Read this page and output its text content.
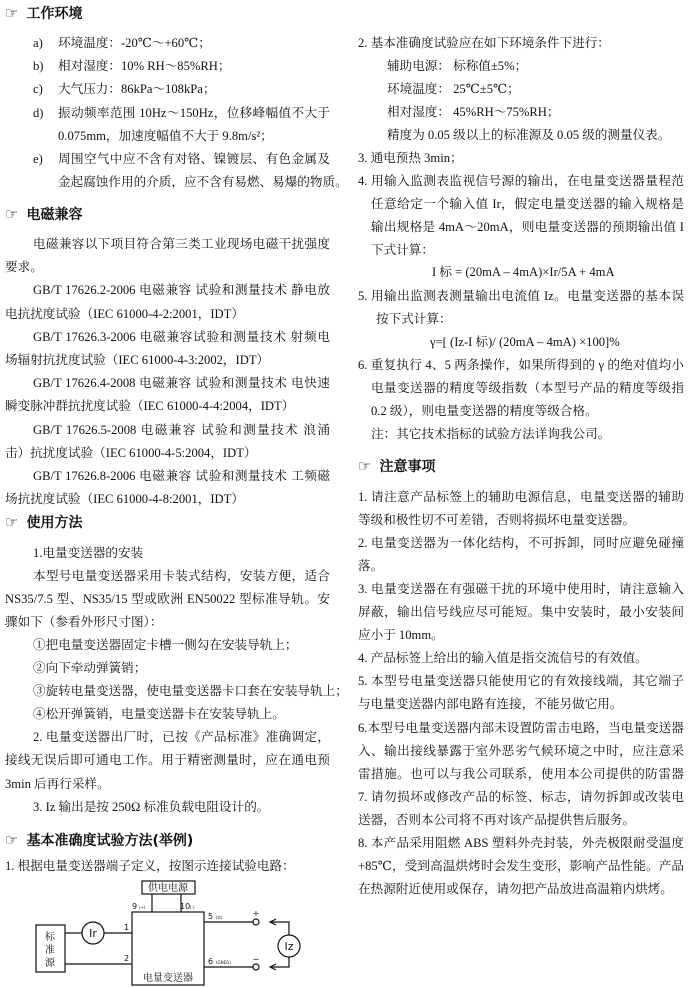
☞ 工作环境
a) 环境温度：-20℃～+60℃；
b) 相对湿度：10% RH～85%RH；
c) 大气压力：86kPa～108kPa；
d) 振动频率范围 10Hz～150Hz，位移峰幅值不大于
0.075mm，加速度幅值不大于 9.8m/s²；
e) 周围空气中应不含有对铬、镍镀层、有色金属及
金起腐蚀作用的介质，应不含有易燃、易爆的物质。
☞ 电磁兼容
电磁兼容以下项目符合第三类工业现场电磁干扰强度
要求。
GB/T 17626.2-2006 电磁兼容 试验和测量技术 静电放
电抗扰度试验（IEC 61000-4-2:2001，IDT）
GB/T 17626.3-2006 电磁兼容试验和测量技术 射频电
场辐射抗扰度试验（IEC 61000-4-3:2002，IDT）
GB/T 17626.4-2008 电磁兼容 试验和测量技术 电快速
瞬变脉冲群抗扰度试验（IEC 61000-4-4:2004，IDT）
GB/T 17626.5-2008 电磁兼容 试验和测量技术 浪涌
击）抗扰度试验（IEC 61000-4-5:2004，IDT）
GB/T 17626.8-2006 电磁兼容 试验和测量技术 工频磁
场抗扰度试验（IEC 61000-4-8:2001，IDT）
☞ 使用方法
1.电量变送器的安装
本型号电量变送器采用卡装式结构，安装方便，适合
NS35/7.5 型、NS35/15 型或欧洲 EN50022 型标准导轨。安
骤如下（参看外形尺寸图）：
①把电量变送器固定卡槽一侧勾在安装导轨上；
②向下牵动弹簧销；
③旋转电量变送器，使电量变送器卡口套在安装导轨上；
④松开弹簧销，电量变送器卡在安装导轨上。
2. 电量变送器出厂时，已按《产品标准》准确调定，
接线无误后即可通电工作。用于精密测量时，应在通电预
3min 后再行采样。
3. Iz 输出是按 250Ω 标准负载电阻设计的。
☞ 基本准确度试验方法(举例)
1. 根据电量变送器端子定义，按图示连接试验电路：
2. 基本准确度试验应在如下环境条件下进行：
辅助电源： 标称值±5%；
环境温度： 25℃±5℃；
相对湿度： 45%RH～75%RH；
精度为 0.05 级以上的标准源及 0.05 级的测量仪表。
3. 通电预热 3min；
4. 用输入监测表监视信号源的输出，在电量变送器量程范
任意给定一个输入值 Ir，假定电量变送器的输入规格是
输出规格是 4mA～20mA，则电量变送器的预期输出值 I
下式计算：
I 标 = (20mA – 4mA)×Ir/5A + 4mA
5. 用输出监测表测量输出电流值 Iz。电量变送器的基本误
按下式计算：
γ=[ (Iz-I 标)/ (20mA – 4mA) ×100]%
6. 重复执行 4、5 两条操作，如果所得到的 γ 的绝对值均小
电量变送器的精度等级指数（本型号产品的精度等级指
0.2 级），则电量变送器的精度等级合格。
注：其它技术指标的试验方法详询我公司。
☞ 注意事项
1. 请注意产品标签上的辅助电源信息，电量变送器的辅助
等级和极性切不可差错，否则将损坏电量变送器。
2. 电量变送器为一体化结构，不可拆卸，同时应避免碰撞
落。
3. 电量变送器在有强磁干扰的环境中使用时，请注意输入
屏蔽，输出信号线应尽可能短。集中安装时，最小安装间
应小于 10mm。
4. 产品标签上给出的输入值是指交流信号的有效值。
5. 本型号电量变送器只能使用它的有效接线端，其它端子
与电量变送器内部电路有连接，不能另做它用。
6.本型号电量变送器内部未设置防雷击电路，当电量变送器
入、输出接线暴露于室外恶劣气候环境之中时，应注意采
雷措施。也可以与我公司联系，使用本公司提供的防雷器
7. 请勿损坏或修改产品的标签、标志，请勿拆卸或改装电
送器，否则本公司将不再对该产品提供售后服务。
8. 本产品采用阻燃 ABS 塑料外壳封装，外壳极限耐受温度
+85℃，受到高温烘烤时会发生变形，影响产品性能。产品
在热源附近使用或保存，请勿把产品放进高温箱内烘烤。
供电电源
电量变送器
标
准
源
Ir
Iz
9 (+)	10 (-)
1
2
5 (Iz)
6 (GND1)
+
−
